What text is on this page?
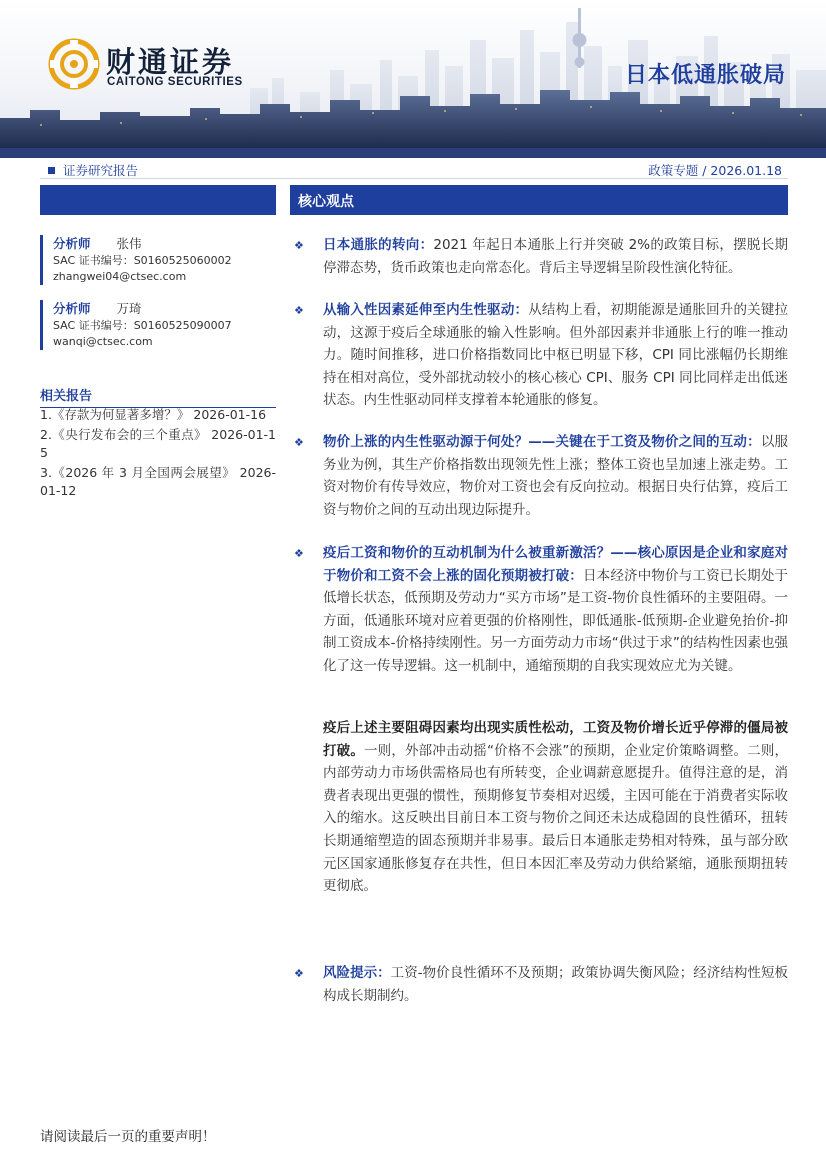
财通证券
CAITONG SECURITIES	日本低通胀破局
证券研究报告	政策专题 / 2026.01.18
分析师 张伟
SAC 证书编号：S0160525060002
zhangwei04@ctsec.com
分析师 万琦
SAC 证书编号：S0160525090007
wanqi@ctsec.com
相关报告
1.《存款为何显著多增？》 2026-01-16
2.《央行发布会的三个重点》 2026-01-15
3.《2026 年 3 月全国两会展望》 2026-01-12
核心观点
❖ 日本通胀的转向：2021 年起日本通胀上行并突破 2%的政策目标，摆脱长期停滞态势，货币政策也走向常态化。背后主导逻辑呈阶段性演化特征。

❖ 从输入性因素延伸至内生性驱动：从结构上看，初期能源是通胀回升的关键拉动，这源于疫后全球通胀的输入性影响。但外部因素并非通胀上行的唯一推动力。随时间推移，进口价格指数同比中枢已明显下移，CPI 同比涨幅仍长期维持在相对高位，受外部扰动较小的核心核心 CPI、服务 CPI 同比同样走出低迷状态。内生性驱动同样支撑着本轮通胀的修复。

❖ 物价上涨的内生性驱动源于何处？——关键在于工资及物价之间的互动：以服务业为例，其生产价格指数出现领先性上涨；整体工资也呈加速上涨走势。工资对物价有传导效应，物价对工资也会有反向拉动。根据日央行估算，疫后工资与物价之间的互动出现边际提升。

❖ 疫后工资和物价的互动机制为什么被重新激活？——核心原因是企业和家庭对于物价和工资不会上涨的固化预期被打破：日本经济中物价与工资已长期处于低增长状态，低预期及劳动力“买方市场”是工资-物价良性循环的主要阻碍。一方面，低通胀环境对应着更强的价格刚性，即低通胀-低预期-企业避免抬价-抑制工资成本-价格持续刚性。另一方面劳动力市场“供过于求”的结构性因素也强化了这一传导逻辑。这一机制中，通缩预期的自我实现效应尤为关键。

疫后上述主要阻碍因素均出现实质性松动，工资及物价增长近乎停滞的僵局被打破。一则，外部冲击动摇“价格不会涨”的预期，企业定价策略调整。二则，内部劳动力市场供需格局也有所转变，企业调薪意愿提升。值得注意的是，消费者表现出更强的惯性，预期修复节奏相对迟缓，主因可能在于消费者实际收入的缩水。这反映出目前日本工资与物价之间还未达成稳固的良性循环，扭转长期通缩塑造的固态预期并非易事。最后日本通胀走势相对特殊，虽与部分欧元区国家通胀修复存在共性，但日本因汇率及劳动力供给紧缩，通胀预期扭转更彻底。

❖ 风险提示：工资-物价良性循环不及预期；政策协调失衡风险；经济结构性短板构成长期制约。

请阅读最后一页的重要声明！
